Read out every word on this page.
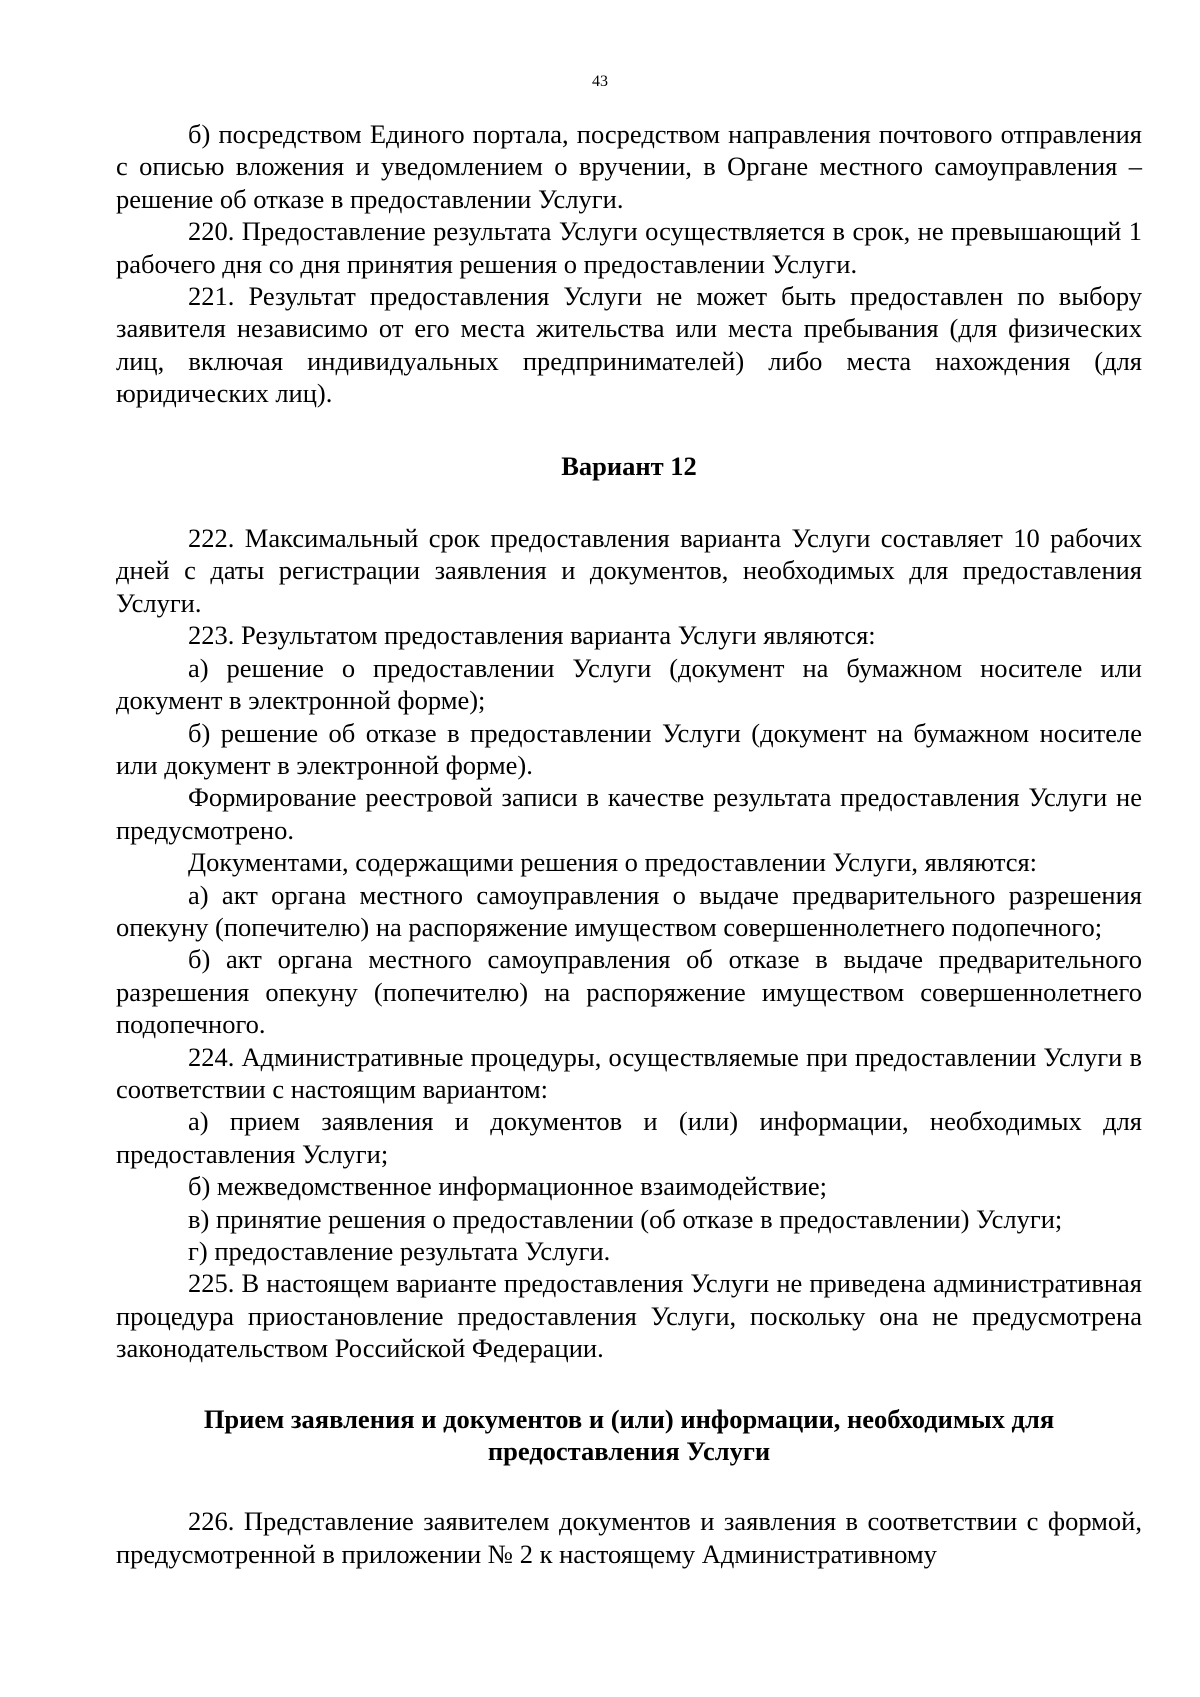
43

б) посредством Единого портала, посредством направления почтового отправления с описью вложения и уведомлением о вручении, в Органе местного самоуправления – решение об отказе в предоставлении Услуги.

220. Предоставление результата Услуги осуществляется в срок, не превышающий 1 рабочего дня со дня принятия решения о предоставлении Услуги.

221. Результат предоставления Услуги не может быть предоставлен по выбору заявителя независимо от его места жительства или места пребывания (для физических лиц, включая индивидуальных предпринимателей) либо места нахождения (для юридических лиц).

Вариант 12

222. Максимальный срок предоставления варианта Услуги составляет 10 рабочих дней с даты регистрации заявления и документов, необходимых для предоставления Услуги.

223. Результатом предоставления варианта Услуги являются:

а) решение о предоставлении Услуги (документ на бумажном носителе или документ в электронной форме);

б) решение об отказе в предоставлении Услуги (документ на бумажном носителе или документ в электронной форме).

Формирование реестровой записи в качестве результата предоставления Услуги не предусмотрено.

Документами, содержащими решения о предоставлении Услуги, являются:

а) акт органа местного самоуправления о выдаче предварительного разрешения опекуну (попечителю) на распоряжение имуществом совершеннолетнего подопечного;

б) акт органа местного самоуправления об отказе в выдаче предварительного разрешения опекуну (попечителю) на распоряжение имуществом совершеннолетнего подопечного.

224. Административные процедуры, осуществляемые при предоставлении Услуги в соответствии с настоящим вариантом:

а) прием заявления и документов и (или) информации, необходимых для предоставления Услуги;

б) межведомственное информационное взаимодействие;

в) принятие решения о предоставлении (об отказе в предоставлении) Услуги;

г) предоставление результата Услуги.

225. В настоящем варианте предоставления Услуги не приведена административная процедура приостановление предоставления Услуги, поскольку она не предусмотрена законодательством Российской Федерации.

Прием заявления и документов и (или) информации, необходимых для
предоставления Услуги

226. Представление заявителем документов и заявления в соответствии с формой, предусмотренной в приложении № 2 к настоящему Административному
